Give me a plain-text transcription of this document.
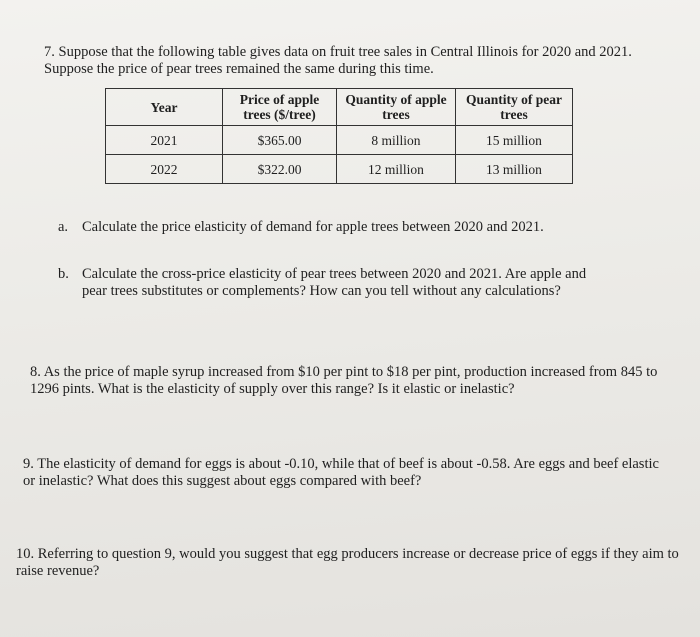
7. Suppose that the following table gives data on fruit tree sales in Central Illinois for 2020 and 2021. Suppose the price of pear trees remained the same during this time.
Year	Price of apple trees ($/tree)	Quantity of apple trees	Quantity of pear trees
2021	$365.00	8 million	15 million
2022	$322.00	12 million	13 million
a. Calculate the price elasticity of demand for apple trees between 2020 and 2021.
b. Calculate the cross-price elasticity of pear trees between 2020 and 2021. Are apple and
pear trees substitutes or complements? How can you tell without any calculations?
8. As the price of maple syrup increased from $10 per pint to $18 per pint, production increased from 845 to 1296 pints. What is the elasticity of supply over this range? Is it elastic or inelastic?
9. The elasticity of demand for eggs is about -0.10, while that of beef is about -0.58. Are eggs and beef elastic or inelastic? What does this suggest about eggs compared with beef?
10. Referring to question 9, would you suggest that egg producers increase or decrease price of eggs if they aim to raise revenue?
